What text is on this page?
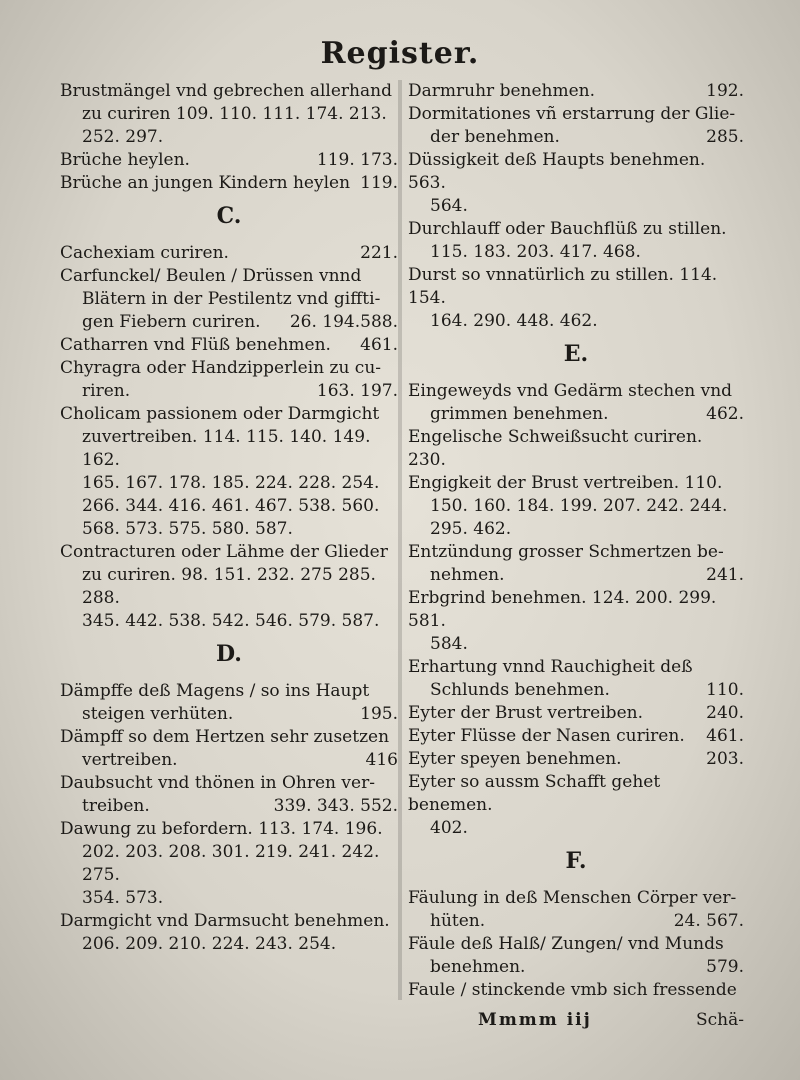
Register.
Brustmängel vnd gebrechen allerhand
zu curiren 109. 110. 111. 174. 213.
252. 297.
Brüche heylen.	119. 173.
Brüche an jungen Kindern heylen 119.
C.
Cachexiam curiren.	221.
Carfunckel/ Beulen / Drüssen vnnd
Blätern in der Pestilentz vnd giffti-
gen Fiebern curiren. 26. 194.588.
Catharren vnd Flüß benehmen. 461.
Chyragra oder Handzipperlein zu cu-
riren.	163. 197.
Cholicam passionem oder Darmgicht
zuvertreiben. 114. 115. 140. 149. 162.
165. 167. 178. 185. 224. 228. 254.
266. 344. 416. 461. 467. 538. 560.
568. 573. 575. 580. 587.
Contracturen oder Lähme der Glieder
zu curiren. 98. 151. 232. 275 285. 288.
345. 442. 538. 542. 546. 579. 587.
D.
Dämpffe deß Magens / so ins Haupt
steigen verhüten.	195.
Dämpff so dem Hertzen sehr zusetzen
vertreiben.	416
Daubsucht vnd thönen in Ohren ver-
treiben.	339. 343. 552.
Dawung zu befordern. 113. 174. 196.
202. 203. 208. 301. 219. 241. 242. 275.
354. 573.
Darmgicht vnd Darmsucht benehmen.
206. 209. 210. 224. 243. 254.
Darmruhr benehmen.	192.
Dormitationes vñ erstarrung der Glie-
der benehmen.	285.
Düssigkeit deß Haupts benehmen. 563.
564.
Durchlauff oder Bauchflüß zu stillen.
115. 183. 203. 417. 468.
Durst so vnnatürlich zu stillen. 114. 154.
164. 290. 448. 462.
E.
Eingeweyds vnd Gedärm stechen vnd
grimmen benehmen.	462.
Engelische Schweißsucht curiren. 230.
Engigkeit der Brust vertreiben. 110.
150. 160. 184. 199. 207. 242. 244.
295. 462.
Entzündung grosser Schmertzen be-
nehmen.	241.
Erbgrind benehmen. 124. 200. 299. 581.
584.
Erhartung vnnd Rauchigheit deß
Schlunds benehmen.	110.
Eyter der Brust vertreiben.	240.
Eyter Flüsse der Nasen curiren. 461.
Eyter speyen benehmen.	203.
Eyter so aussm Schafft gehet benemen.
402.
F.
Fäulung in deß Menschen Cörper ver-
hüten.	24. 567.
Fäule deß Halß/ Zungen/ vnd Munds
benehmen.	579.
Faule / stinckende vmb sich fressende
Mmmm iij	Schä-
